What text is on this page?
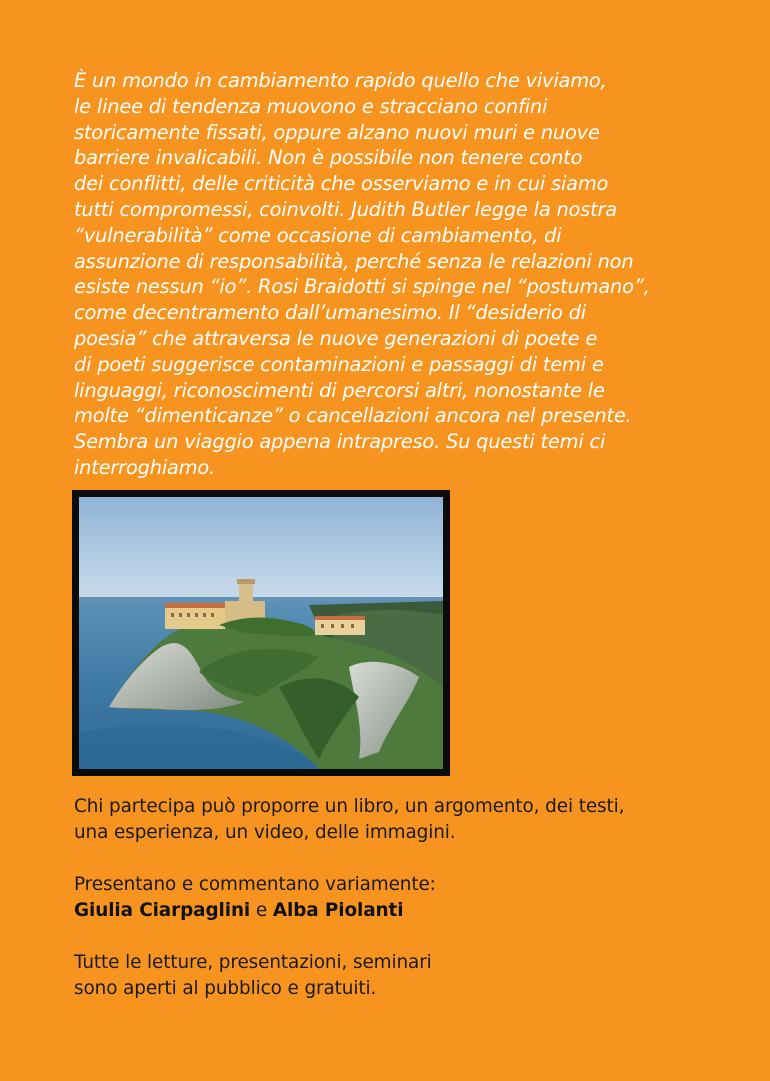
È un mondo in cambiamento rapido quello che viviamo,
le linee di tendenza muovono e stracciano confini
storicamente fissati, oppure alzano nuovi muri e nuove
barriere invalicabili. Non è possibile non tenere conto
dei conflitti, delle criticità che osserviamo e in cui siamo
tutti compromessi, coinvolti. Judith Butler legge la nostra
“vulnerabilità” come occasione di cambiamento, di
assunzione di responsabilità, perché senza le relazioni non
esiste nessun “io”. Rosi Braidotti si spinge nel “postumano”,
come decentramento dall’umanesimo. Il “desiderio di
poesia” che attraversa le nuove generazioni di poete e
di poeti suggerisce contaminazioni e passaggi di temi e
linguaggi, riconoscimenti di percorsi altri, nonostante le
molte “dimenticanze” o cancellazioni ancora nel presente.
Sembra un viaggio appena intrapreso. Su questi temi ci
interroghiamo.
Chi partecipa può proporre un libro, un argomento, dei testi,
una esperienza, un video, delle immagini.
Presentano e commentano variamente:
Giulia Ciarpaglini e Alba Piolanti
Tutte le letture, presentazioni, seminari
sono aperti al pubblico e gratuiti.
